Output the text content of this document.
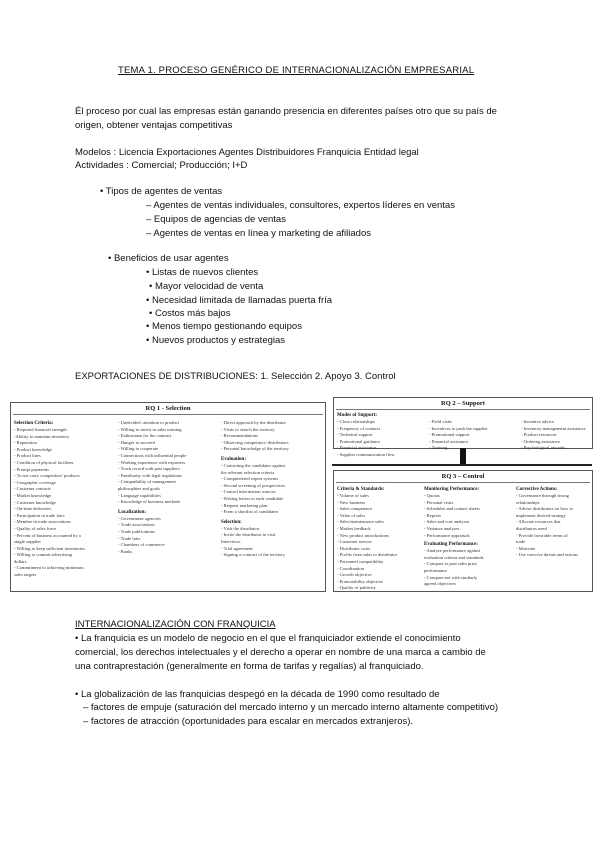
TEMA 1. PROCESO GENÉRICO DE INTERNACIONALIZACIÓN EMPRESARIAL
Él proceso por cual las empresas están ganando presencia en diferentes países otro que su país de
origen, obtener ventajas competitivas
Modelos : Licencia Exportaciones Agentes Distribuidores Franquicia Entidad legal
Actividades : Comercial; Producción; I+D
• Tipos de agentes de ventas
– Agentes de ventas individuales, consultores, expertos líderes en ventas
– Equipos de agencias de ventas
– Agentes de ventas en línea y marketing de afiliados
• Beneficios de usar agentes
• Listas de nuevos clientes
• Mayor velocidad de venta
• Necesidad limitada de llamadas puerta fría
• Costos más bajos
• Menos tiempo gestionando equipos
• Nuevos productos y estrategias
EXPORTACIONES DE DISTRIBUCIONES: 1. Selección 2. Apoyo 3. Control
RQ 1 - Selection
Selection Criteria:
- Required financial strength
-Ability to maintain inventory
- Reputation
- Product knowledge
- Product lines
- Condition of physical facilities
- Prompt payments
- To not carry competitors' products
- Geographic coverage
- Customer contacts
- Market knowledge
- Customer knowledge
- On-time deliveries
- Participation in trade fairs
- Member in trade associations
- Quality of sales force
- Percent of business accounted by a
single supplier
- Willing to keep sufficient inventories
- Willing to commit advertising
dollars
- Commitment to achieving minimum
sales targets
- Undecided: attention to product
- Willing to invest in sales training
- Enthusiasm for the contract
- Hunger to succeed
- Willing to cooperate
- Connections with influential people
- Working experience with exporters
- Track record with past suppliers
- Familiarity with legal regulations
- Compatibility of management
philosophies and goals
- Language capabilities
- Knowledge of business methods
Localization:
- Government agencies
- Trade associations
- Trade publications
- Trade fairs
- Chambers of commerce
- Banks
- Direct approach by the distributor
- Visits to search the territory
- Recommendations
- Observing competitors' distributors
- Personal knowledge of the territory
Evaluation:
- Contacting the candidates against
the relevant selection criteria
- Computerized expert systems
- Second screening of prospectives
- Control information sources
- Writing letters to each candidate
- Request marketing plan
- Form a shortlist of candidates
Selection:
- Visit the distributor
- Invite the distributor to visit
Interviews
- Trial agreement
- Signing a contract of the territory
RQ 2 – Support
Modes of Support:
- Close relationships
- Frequency of contacts
- Technical support
- Promotional guidance
- Financial assistance
- Supplier communication flow
- Field visits
- Incentives to push the supplier
- Promotional support
- Financial assistance
- Training
- Incentive advice
- Inventory management assistance
- Product resources
- Ordering assistance
- Psychological rewards
RQ 3 – Control
Criteria & Standards:
- Volume of sales
- New business
- Sales competence
- Value of sales
- Sales/maintenance sales
- Market feedback
- New product introductions
- Customer service
- Distributor costs
- Profits from sales to distributor
- Personnel compatibility
- Coordination
- Growth objective
- Promotability objective
- Quality of publicity
Monitoring Performance:
- Quotas
- Personal visits
- Schedules and contact sheets
- Reports
- Sales and cost analyses
- Variance analyses
- Performance appraisals
Evaluating Performance:
- Analyze performance against
evaluation criteria and standards
- Compare to past sales prior
performance
- Compare not with similarly
agreed objectives
Corrective Actions:
- Governance through strong
relationships
- Advise distributors on how to
implement desired strategy
- Allocate resources that
distributors need
- Provide favorable terms of
trade
- Motivate
- Use coercive threats and actions
INTERNACIONALIZACIÓN CON FRANQUICIA
• La franquicia es un modelo de negocio en el que el franquiciador extiende el conocimiento
comercial, los derechos intelectuales y el derecho a operar en nombre de una marca a cambio de
una contraprestación (generalmente en forma de tarifas y regalías) al franquiciado.
• La globalización de las franquicias despegó en la década de 1990 como resultado de
– factores de empuje (saturación del mercado interno y un mercado interno altamente competitivo)
– factores de atracción (oportunidades para escalar en mercados extranjeros).
